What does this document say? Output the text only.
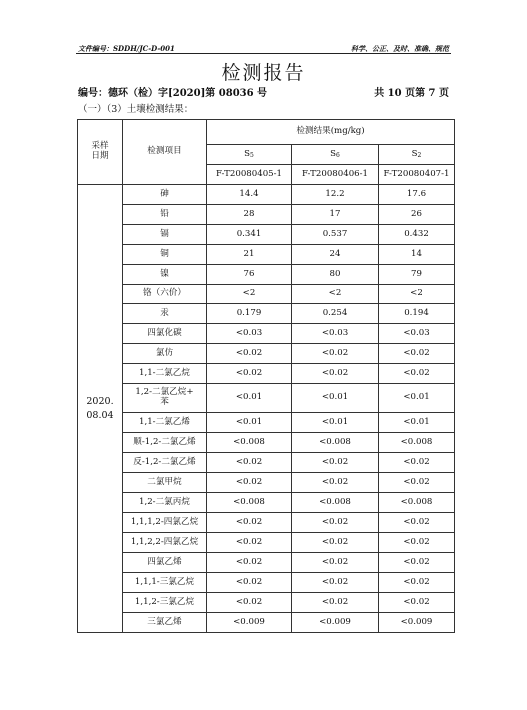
文件编号：SDDH/JC-D-001	科学、公正、及时、准确、规范
检测报告
编号：德环（检）字[2020]第 08036 号	共 10 页第 7 页
（一）（3）土壤检测结果：
采样
日期	检测项目	检测结果(mg/kg)		
		$S_5$	$S_6$	$S_2$
		F-T20080405-1	F-T20080406-1	F-T20080407-1
2020.
08.04	砷	14.4	12.2	17.6
	铅	28	17	26
	镉	0.341	0.537	0.432
	铜	21	24	14
	镍	76	80	79
	铬（六价）	<2	<2	<2
	汞	0.179	0.254	0.194
	四氯化碳	<0.03	<0.03	<0.03
	氯仿	<0.02	<0.02	<0.02
	1,1-二氯乙烷	<0.02	<0.02	<0.02
	1,2-二氯乙烷+
苯	<0.01	<0.01	<0.01
	1,1-二氯乙烯	<0.01	<0.01	<0.01
	顺-1,2-二氯乙烯	<0.008	<0.008	<0.008
	反-1,2-二氯乙烯	<0.02	<0.02	<0.02
	二氯甲烷	<0.02	<0.02	<0.02
	1,2-二氯丙烷	<0.008	<0.008	<0.008
	1,1,1,2-四氯乙烷	<0.02	<0.02	<0.02
	1,1,2,2-四氯乙烷	<0.02	<0.02	<0.02
	四氯乙烯	<0.02	<0.02	<0.02
	1,1,1-三氯乙烷	<0.02	<0.02	<0.02
	1,1,2-三氯乙烷	<0.02	<0.02	<0.02
	三氯乙烯	<0.009	<0.009	<0.009
